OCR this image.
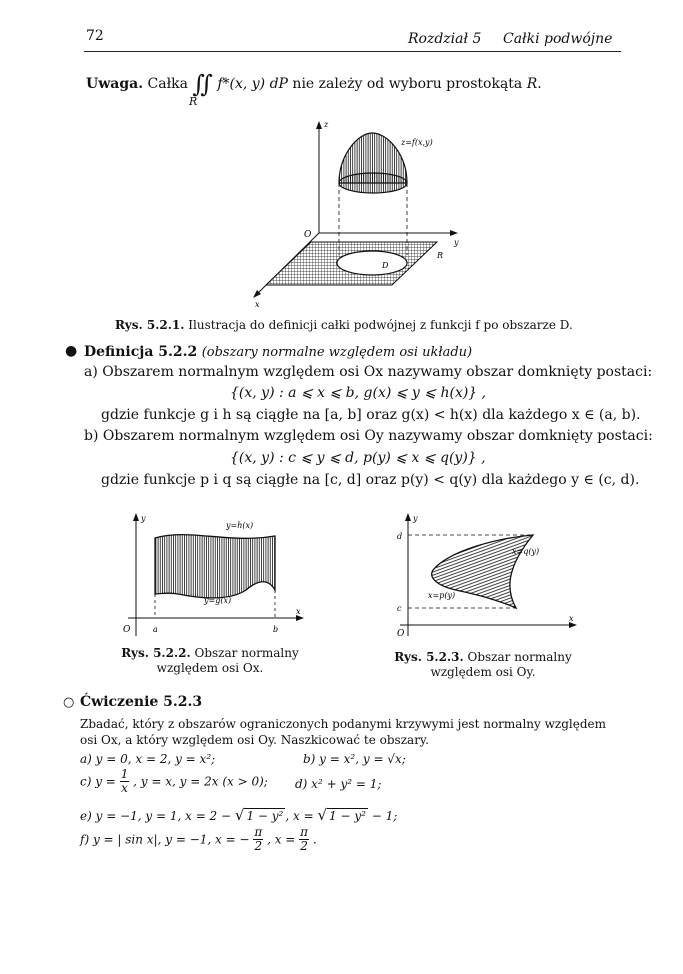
72	Rozdział 5 Całki podwójne
Uwaga. Całka ∬ f*(x, y) dP nie zależy od wyboru prostokąta R.
R
z
y
x
O
D
R
z=f(x,y)
Rys. 5.2.1. Ilustracja do definicji całki podwójnej z funkcji f po obszarze D.
● Definicja 5.2.2 (obszary normalne względem osi układu)
a) Obszarem normalnym względem osi Ox nazywamy obszar domknięty postaci:
{(x, y) : a ⩽ x ⩽ b, g(x) ⩽ y ⩽ h(x)} ,
gdzie funkcje g i h są ciągłe na [a, b] oraz g(x) < h(x) dla każdego x ∈ (a, b).
b) Obszarem normalnym względem osi Oy nazywamy obszar domknięty postaci:
{(x, y) : c ⩽ y ⩽ d, p(y) ⩽ x ⩽ q(y)} ,
gdzie funkcje p i q są ciągłe na [c, d] oraz p(y) < q(y) dla każdego y ∈ (c, d).
y
x
O	a	b
y=h(x)
y=g(x)
Rys. 5.2.2. Obszar normalny
względem osi Ox.
y
x
O
d
c
x=q(y)
x=p(y)
Rys. 5.2.3. Obszar normalny
względem osi Oy.
○ Ćwiczenie 5.2.3
Zbadać, który z obszarów ograniczonych podanymi krzywymi jest normalny względem
osi Ox, a który względem osi Oy. Naszkicować te obszary.
a) y = 0, x = 2, y = x²;	b) y = x², y = √x;
c) $y = \frac{1}{x}$ , y = x, y = 2x (x > 0); d) x² + y² = 1;
e) y = −1, y = 1, x = 2 − √ 1 − y² , x = √ 1 − y² − 1;
f) y = | sin x|, y = −1, x = − $\frac{\pi}{2}$ , $x = \frac{\pi}{2}$ .
